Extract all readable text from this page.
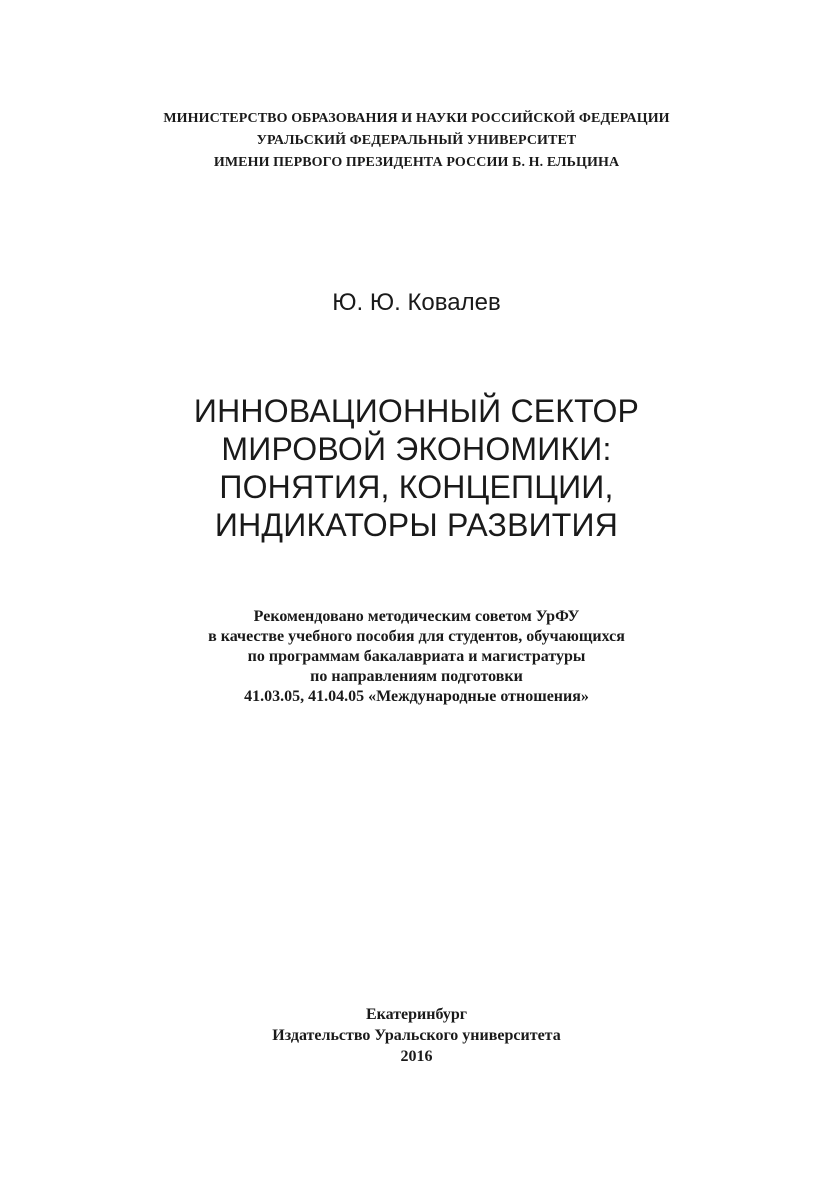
МИНИСТЕРСТВО ОБРАЗОВАНИЯ И НАУКИ РОССИЙСКОЙ ФЕДЕРАЦИИ
УРАЛЬСКИЙ ФЕДЕРАЛЬНЫЙ УНИВЕРСИТЕТ
ИМЕНИ ПЕРВОГО ПРЕЗИДЕНТА РОССИИ Б. Н. ЕЛЬЦИНА
Ю. Ю. Ковалев
ИННОВАЦИОННЫЙ СЕКТОР
МИРОВОЙ ЭКОНОМИКИ:
ПОНЯТИЯ, КОНЦЕПЦИИ,
ИНДИКАТОРЫ РАЗВИТИЯ
Рекомендовано методическим советом УрФУ
в качестве учебного пособия для студентов, обучающихся
по программам бакалавриата и магистратуры
по направлениям подготовки
41.03.05, 41.04.05 «Международные отношения»
Екатеринбург
Издательство Уральского университета
2016
